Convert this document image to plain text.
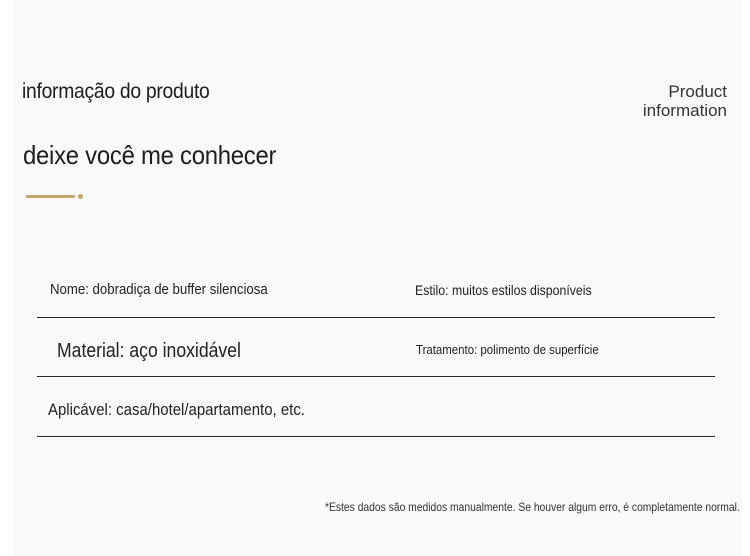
informação do produto	Product
information
deixe você me conhecer
Nome: dobradiça de buffer silenciosa	Estilo: muitos estilos disponíveis
Material: aço inoxidável	Tratamento: polimento de superfície
Aplicável: casa/hotel/apartamento, etc.
*Estes dados são medidos manualmente. Se houver algum erro, é completamente normal.
